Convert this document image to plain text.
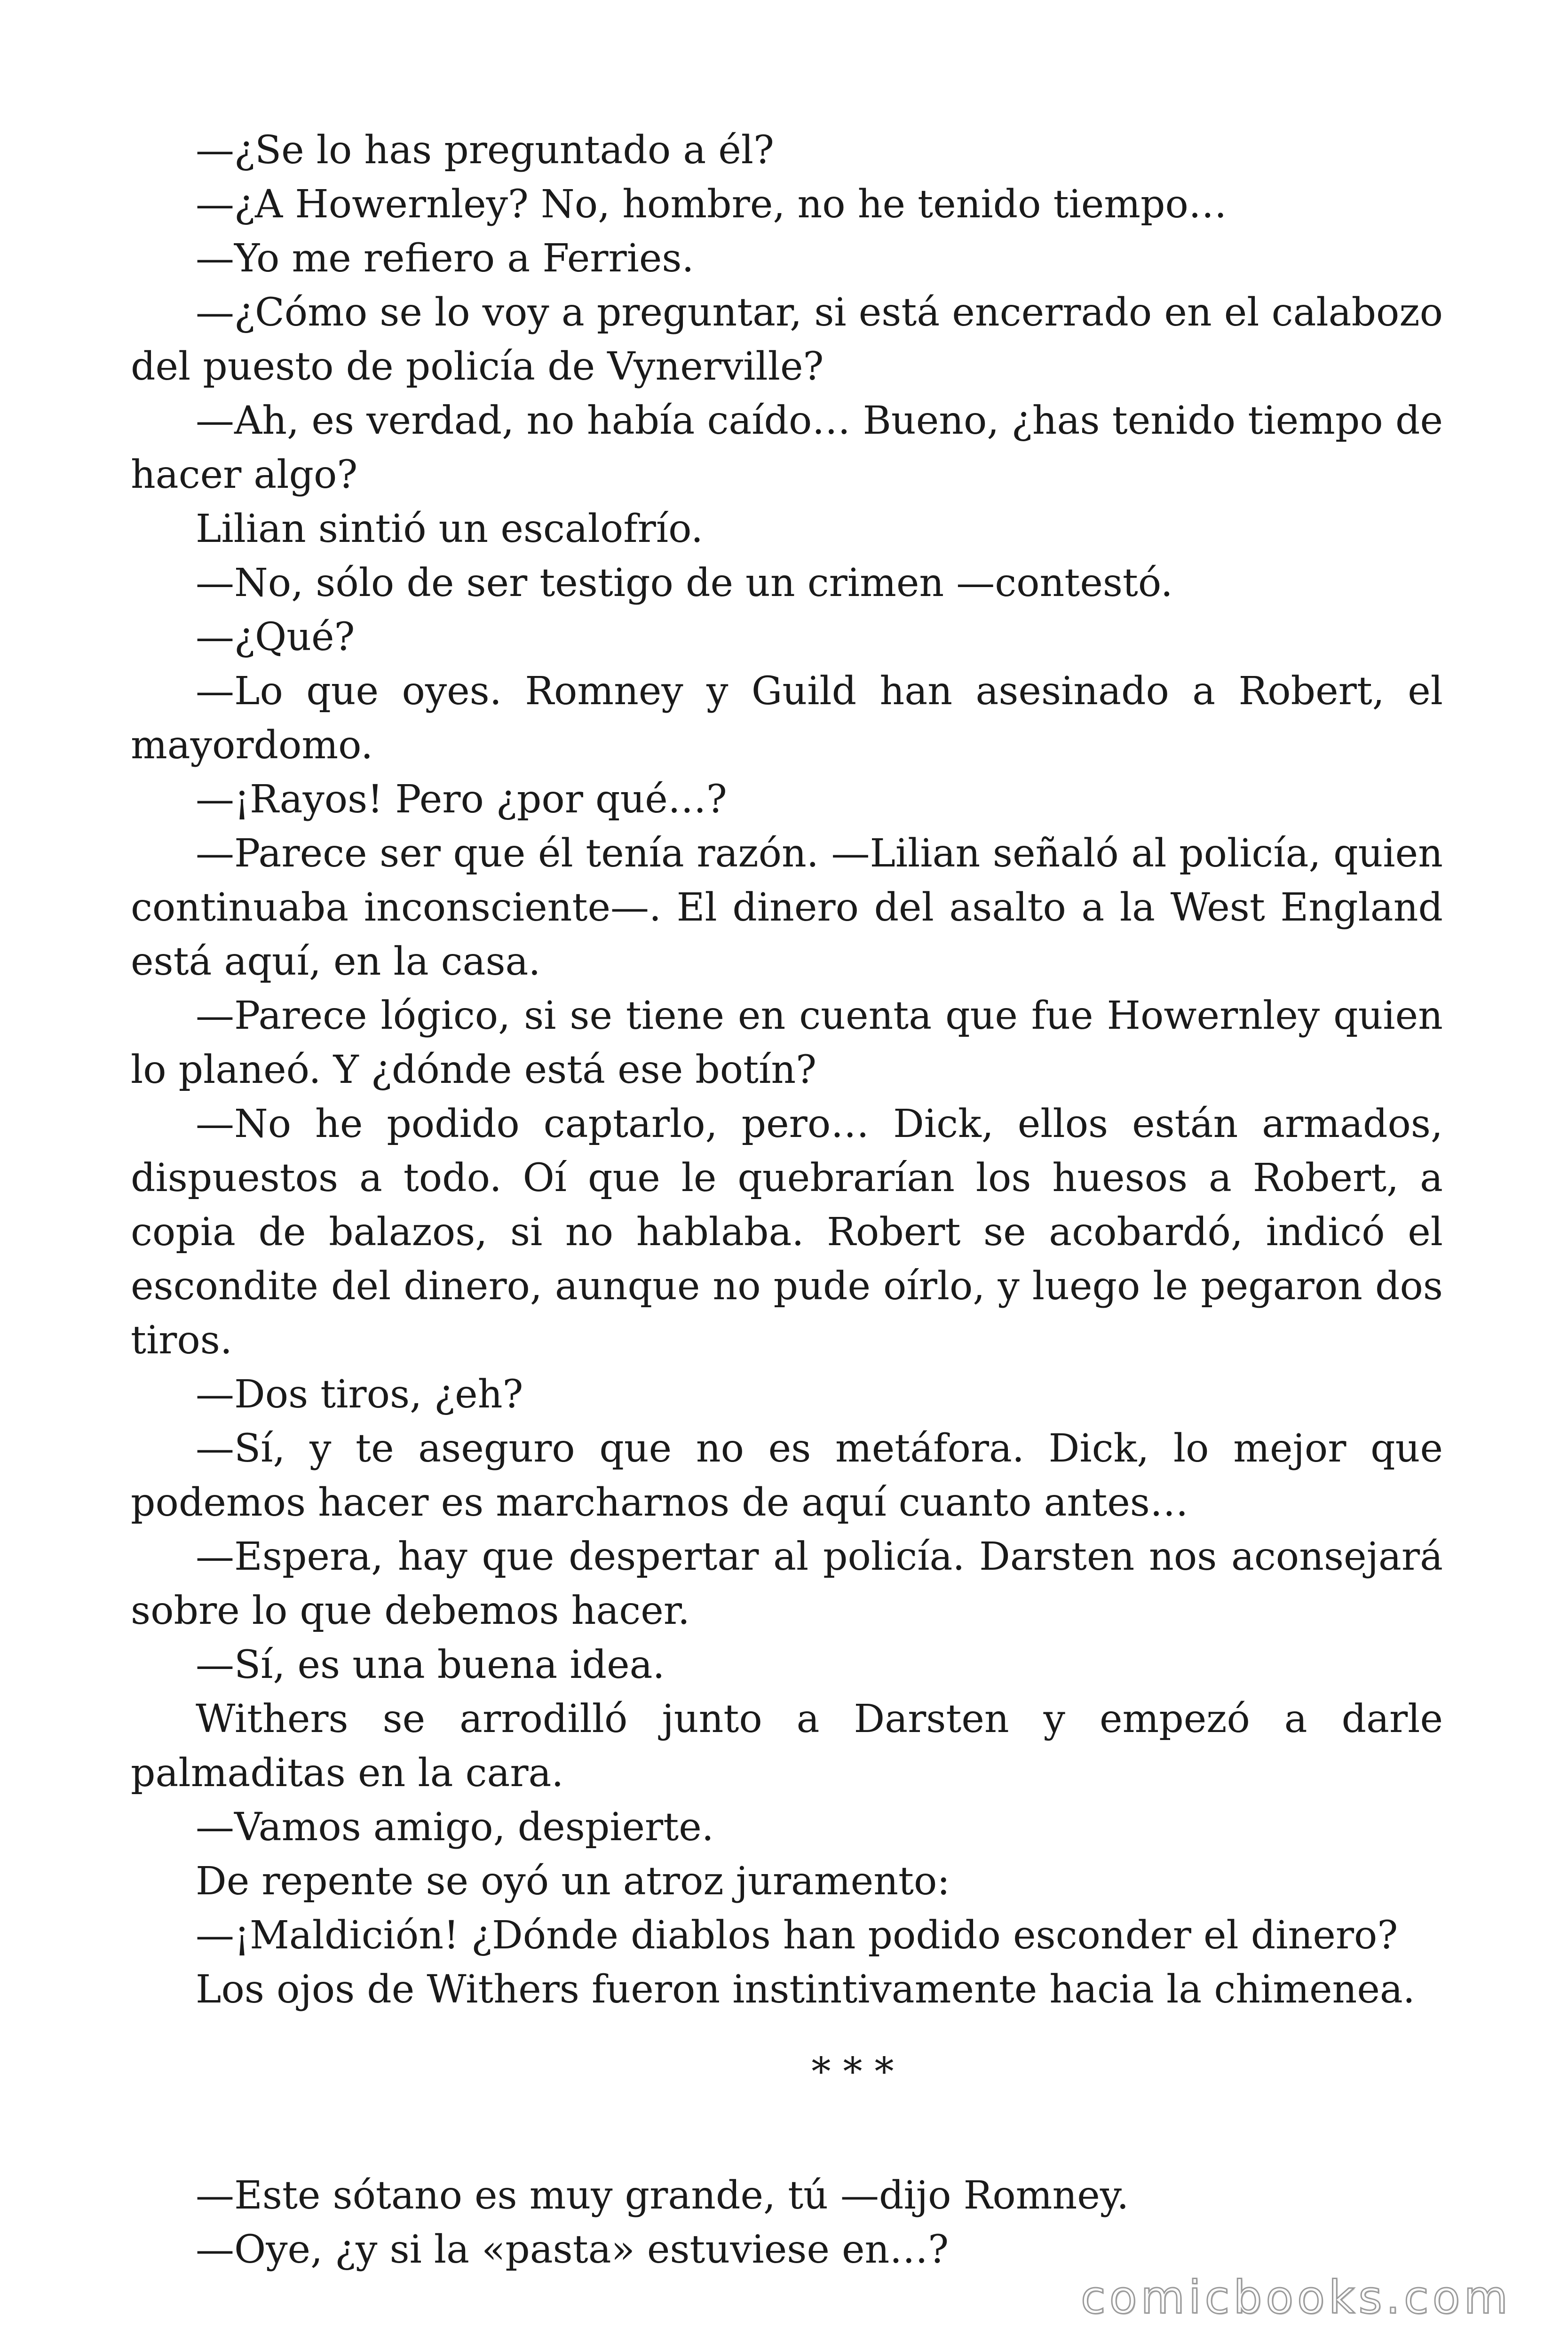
—¿Se lo has preguntado a él?

—¿A Howernley? No, hombre, no he tenido tiempo…

—Yo me refiero a Ferries.

—¿Cómo se lo voy a preguntar, si está encerrado en el calabozo del puesto de policía de Vynerville?

—Ah, es verdad, no había caído… Bueno, ¿has tenido tiempo de hacer algo?

Lilian sintió un escalofrío.

—No, sólo de ser testigo de un crimen —contestó.

—¿Qué?

—Lo que oyes. Romney y Guild han asesinado a Robert, el mayordomo.

—¡Rayos! Pero ¿por qué…?

—Parece ser que él tenía razón. —Lilian señaló al policía, quien continuaba inconsciente—. El dinero del asalto a la West England está aquí, en la casa.

—Parece lógico, si se tiene en cuenta que fue Howernley quien lo planeó. Y ¿dónde está ese botín?

—No he podido captarlo, pero… Dick, ellos están armados, dispuestos a todo. Oí que le quebrarían los huesos a Robert, a copia de balazos, si no hablaba. Robert se acobardó, indicó el escondite del dinero, aunque no pude oírlo, y luego le pegaron dos tiros.

—Dos tiros, ¿eh?

—Sí, y te aseguro que no es metáfora. Dick, lo mejor que podemos hacer es marcharnos de aquí cuanto antes…

—Espera, hay que despertar al policía. Darsten nos aconsejará sobre lo que debemos hacer.

—Sí, es una buena idea.

Withers se arrodilló junto a Darsten y empezó a darle palmaditas en la cara.

—Vamos amigo, despierte.

De repente se oyó un atroz juramento:

—¡Maldición! ¿Dónde diablos han podido esconder el dinero?

Los ojos de Withers fueron instintivamente hacia la chimenea.

* * *

—Este sótano es muy grande, tú —dijo Romney.

—Oye, ¿y si la «pasta» estuviese en…?

comicbooks.com
